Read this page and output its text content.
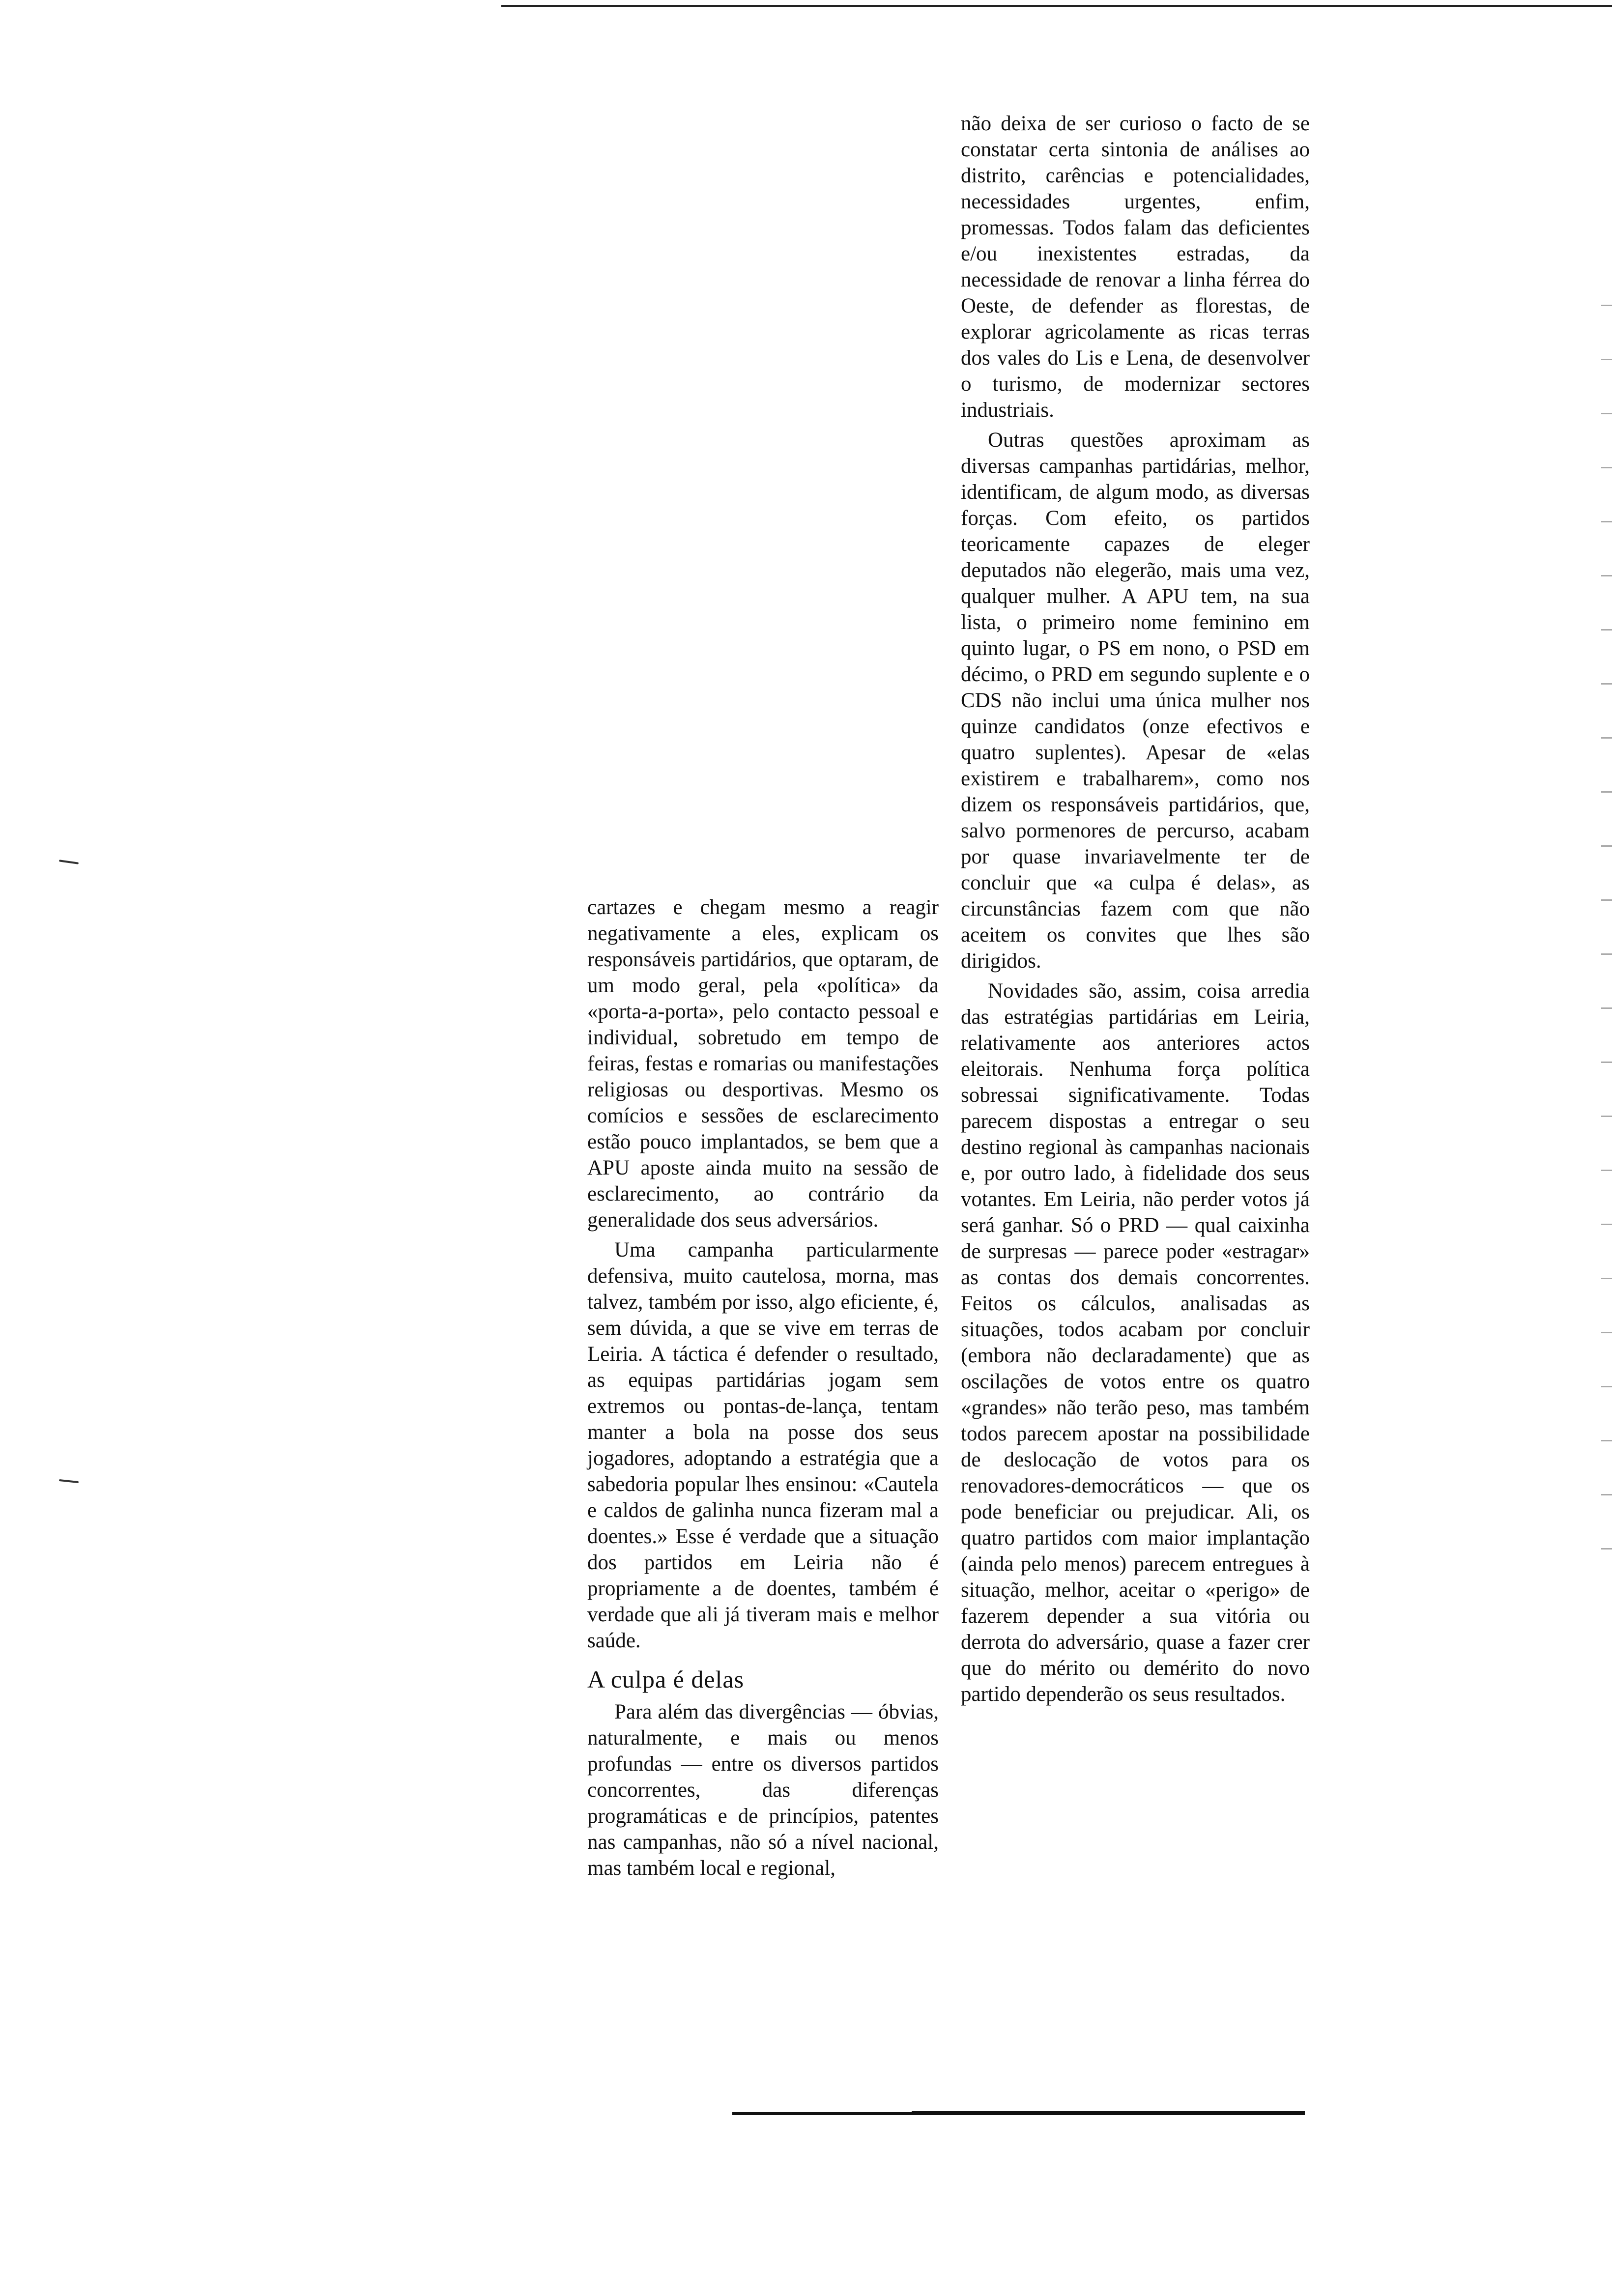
cartazes e chegam mesmo a reagir negativamente a eles, explicam os responsáveis partidários, que optaram, de um modo geral, pela «política» da «porta-a-porta», pelo contacto pessoal e individual, sobretudo em tempo de feiras, festas e romarias ou manifestações religiosas ou desportivas. Mesmo os comícios e sessões de esclarecimento estão pouco implantados, se bem que a APU aposte ainda muito na sessão de esclarecimento, ao contrário da generalidade dos seus adversários.

Uma campanha particularmente defensiva, muito cautelosa, morna, mas talvez, também por isso, algo eficiente, é, sem dúvida, a que se vive em terras de Leiria. A táctica é defender o resultado, as equipas partidárias jogam sem extremos ou pontas-de-lança, tentam manter a bola na posse dos seus jogadores, adoptando a estratégia que a sabedoria popular lhes ensinou: «Cautela e caldos de galinha nunca fizeram mal a doentes.» Esse é verdade que a situação dos partidos em Leiria não é propriamente a de doentes, também é verdade que ali já tiveram mais e melhor saúde.

A culpa é delas

Para além das divergências — óbvias, naturalmente, e mais ou menos profundas — entre os diversos partidos concorrentes, das diferenças programáticas e de princípios, patentes nas campanhas, não só a nível nacional, mas também local e regional,

não deixa de ser curioso o facto de se constatar certa sintonia de análises ao distrito, carências e potencialidades, necessidades urgentes, enfim, promessas. Todos falam das deficientes e/ou inexistentes estradas, da necessidade de renovar a linha férrea do Oeste, de defender as florestas, de explorar agricolamente as ricas terras dos vales do Lis e Lena, de desenvolver o turismo, de modernizar sectores industriais.

Outras questões aproximam as diversas campanhas partidárias, melhor, identificam, de algum modo, as diversas forças. Com efeito, os partidos teoricamente capazes de eleger deputados não elegerão, mais uma vez, qualquer mulher. A APU tem, na sua lista, o primeiro nome feminino em quinto lugar, o PS em nono, o PSD em décimo, o PRD em segundo suplente e o CDS não inclui uma única mulher nos quinze candidatos (onze efectivos e quatro suplentes). Apesar de «elas existirem e trabalharem», como nos dizem os responsáveis partidários, que, salvo pormenores de percurso, acabam por quase invariavelmente ter de concluir que «a culpa é delas», as circunstâncias fazem com que não aceitem os convites que lhes são dirigidos.

Novidades são, assim, coisa arredia das estratégias partidárias em Leiria, relativamente aos anteriores actos eleitorais. Nenhuma força política sobressai significativamente. Todas parecem dispostas a entregar o seu destino regional às campanhas nacionais e, por outro lado, à fidelidade dos seus votantes. Em Leiria, não perder votos já será ganhar. Só o PRD — qual caixinha de surpresas — parece poder «estragar» as contas dos demais concorrentes. Feitos os cálculos, analisadas as situações, todos acabam por concluir (embora não declaradamente) que as oscilações de votos entre os quatro «grandes» não terão peso, mas também todos parecem apostar na possibilidade de deslocação de votos para os renovadores-democráticos — que os pode beneficiar ou prejudicar. Ali, os quatro partidos com maior implantação (ainda pelo menos) parecem entregues à situação, melhor, aceitar o «perigo» de fazerem depender a sua vitória ou derrota do adversário, quase a fazer crer que do mérito ou demérito do novo partido dependerão os seus resultados.
